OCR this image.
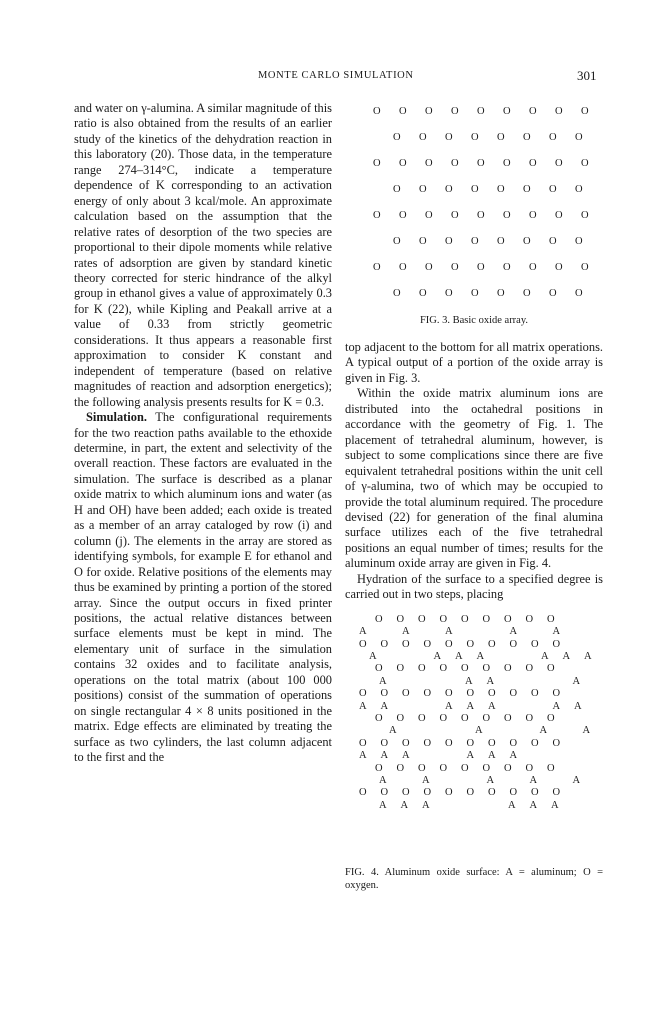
MONTE CARLO SIMULATION	301

and water on γ-alumina. A similar magnitude of this ratio is also obtained from the results of an earlier study of the kinetics of the dehydration reaction in this laboratory (20). Those data, in the temperature range 274–314°C, indicate a temperature dependence of K corresponding to an activation energy of only about 3 kcal/mole. An approximate calculation based on the assumption that the relative rates of desorption of the two species are proportional to their dipole moments while relative rates of adsorption are given by standard kinetic theory corrected for steric hindrance of the alkyl group in ethanol gives a value of approximately 0.3 for K (22), while Kipling and Peakall arrive at a value of 0.33 from strictly geometric considerations. It thus appears a reasonable first approximation to consider K constant and independent of temperature (based on relative magnitudes of reaction and adsorption energetics); the following analysis presents results for K = 0.3.

Simulation. The configurational requirements for the two reaction paths available to the ethoxide determine, in part, the extent and selectivity of the overall reaction. These factors are evaluated in the simulation. The surface is described as a planar oxide matrix to which aluminum ions and water (as H and OH) have been added; each oxide is treated as a member of an array cataloged by row (i) and column (j). The elements in the array are stored as identifying symbols, for example E for ethanol and O for oxide. Relative positions of the elements may thus be examined by printing a portion of the stored array. Since the output occurs in fixed printer positions, the actual relative distances between surface elements must be kept in mind. The elementary unit of surface in the simulation contains 32 oxides and to facilitate analysis, operations on the total matrix (about 100 000 positions) consist of the summation of operations on single rectangular 4 × 8 units positioned in the matrix. Edge effects are eliminated by treating the surface as two cylinders, the last column adjacent to the first and the

O O O O O O O O O
O O O O O O O O
O O O O O O O O O
O O O O O O O O
O O O O O O O O O
O O O O O O O O
O O O O O O O O O
O O O O O O O O
FIG. 3. Basic oxide array.

top adjacent to the bottom for all matrix operations. A typical output of a portion of the oxide array is given in Fig. 3.

Within the oxide matrix aluminum ions are distributed into the octahedral positions in accordance with the geometry of Fig. 1. The placement of tetrahedral aluminum, however, is subject to some complications since there are five equivalent tetrahedral positions within the unit cell of γ-alumina, two of which may be occupied to provide the total aluminum required. The procedure devised (22) for generation of the final alumina surface utilizes each of the five tetrahedral positions an equal number of times; results for the aluminum oxide array are given in Fig. 4.

Hydration of the surface to a specified degree is carried out in two steps, placing

O O O O O O O O O
A	A	A	A	A
O O O O O O O O O O
A	A A A	A A A
O O O O O O O O O
A	A A	A
O O O O O O O O O O
A A	A A A	A A
O O O O O O O O O
A	A	A	A
O O O O O O O O O O
A A A	A A A
O O O O O O O O O
A	A	A	A	A
O O O O O O O O O O
A A A	A A A
FIG. 4. Aluminum oxide surface: A = aluminum; O = oxygen.
